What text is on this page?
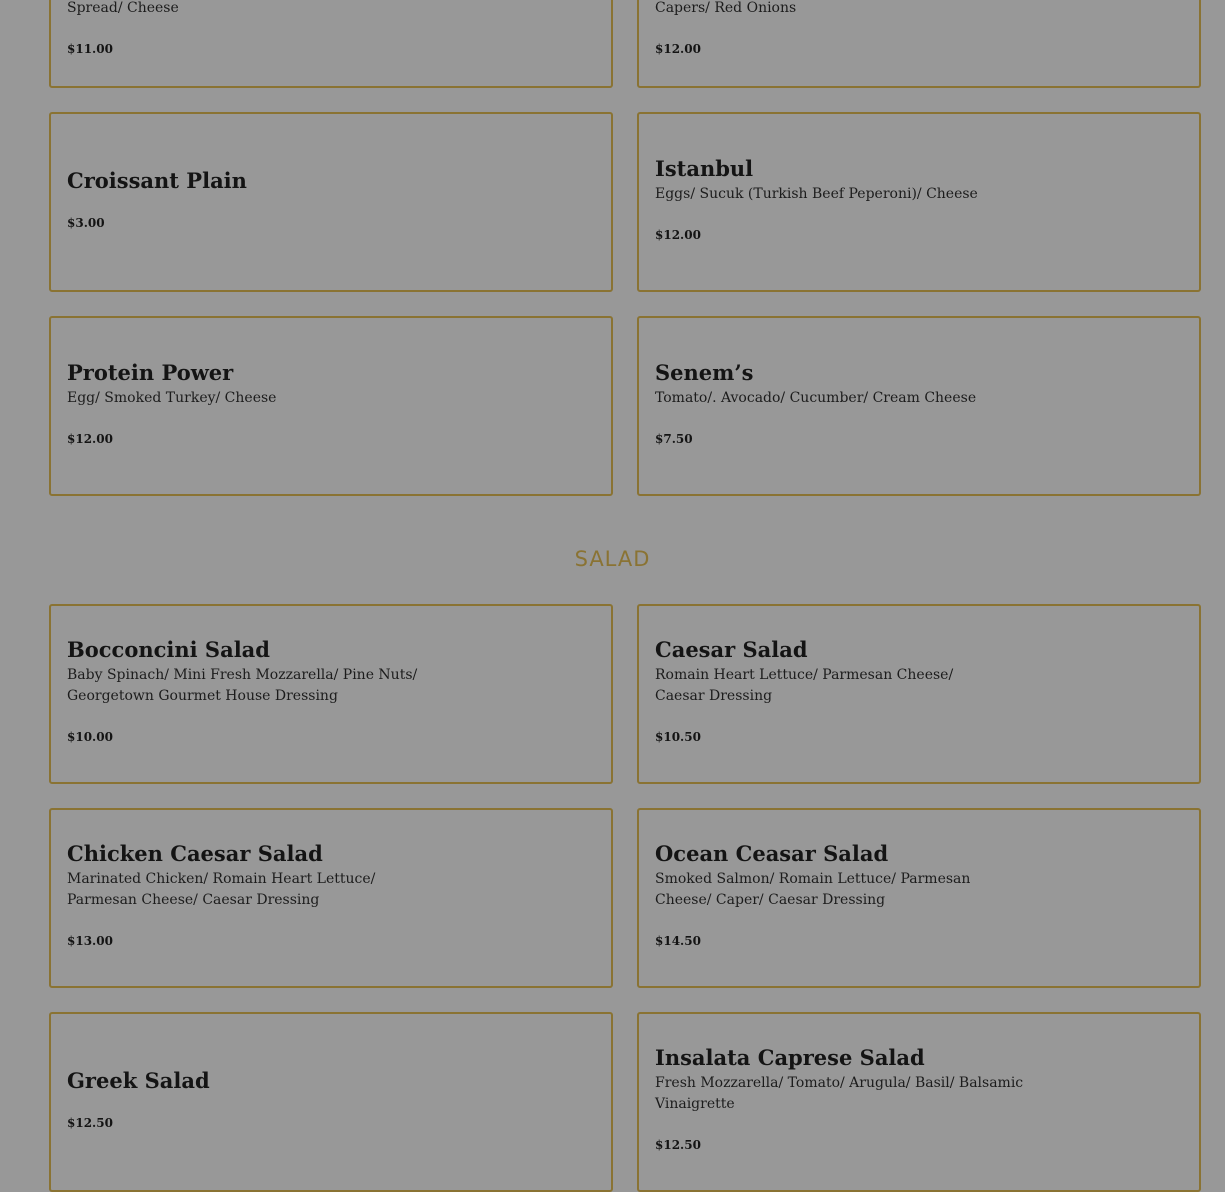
Spread/ Cheese
$11.00
Capers/ Red Onions
$12.00
Croissant Plain
$3.00
Istanbul
Eggs/ Sucuk (Turkish Beef Peperoni)/ Cheese
$12.00
Protein Power
Egg/ Smoked Turkey/ Cheese
$12.00
Senem’s
Tomato/. Avocado/ Cucumber/ Cream Cheese
$7.50
SALAD
Bocconcini Salad
Baby Spinach/ Mini Fresh Mozzarella/ Pine Nuts/ Georgetown Gourmet House Dressing
$10.00
Caesar Salad
Romain Heart Lettuce/ Parmesan Cheese/ Caesar Dressing
$10.50
Chicken Caesar Salad
Marinated Chicken/ Romain Heart Lettuce/ Parmesan Cheese/ Caesar Dressing
$13.00
Ocean Ceasar Salad
Smoked Salmon/ Romain Lettuce/ Parmesan Cheese/ Caper/ Caesar Dressing
$14.50
Greek Salad
$12.50
Insalata Caprese Salad
Fresh Mozzarella/ Tomato/ Arugula/ Basil/ Balsamic Vinaigrette
$12.50
